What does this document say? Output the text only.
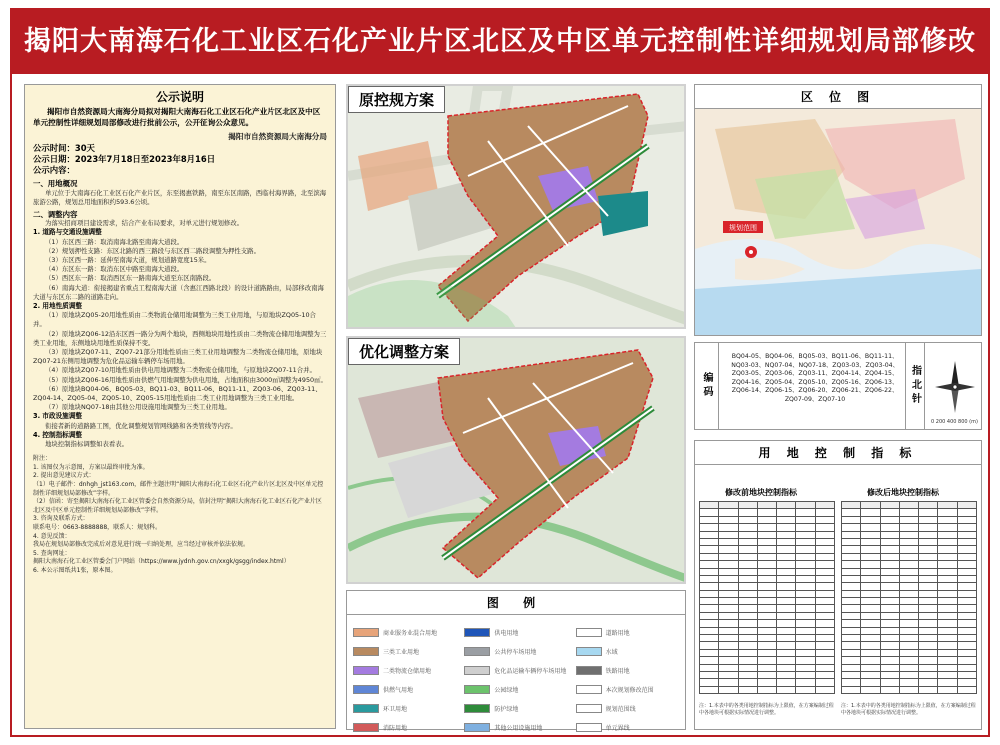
揭阳大南海石化工业区石化产业片区北区及中区单元控制性详细规划局部修改
公示说明
揭阳市自然资源局大南海分局拟对揭阳大南海石化工业区石化产业片区北区及中区单元控制性详细规划局部修改进行批前公示，公开征询公众意见。
揭阳市自然资源局大南海分局
公示时间：30天
公示日期：2023年7月18日至2023年8月16日
公示内容：
一、用地概况
单元位于大南海石化工业区石化产业片区，东至揭惠铁路，南至东区南路，西临村海界路，北至滨海旅游公路，规划总用地面积约593.6公顷。
二、调整内容
为落实招商项目建设需求，结合产业布局要求，对单元进行规划修改。
1. 道路与交通设施调整
（1）东区西三路：取消南海北路至南海大道段。
（2）规划押性支路：东区北路的西三路段与东区西二路段调整为押性支路。
（3）东区西一路：延伸至南海大道，规划道路宽度15米。
（4）东区东一路：取消东区中路至南海大道段。
（5）西区东一路：取消西区东一路南海大道至东区南路段。
（6）南海大道：衔接揭建省重点工程南海大道（含惠江西路北段）的设计道路路由，局部移改南海大道与东区东二路的道路走向。
2. 用地性质调整
（1）原地块ZQ05-20用地性质由二类物流仓储用地调整为三类工业用地，与原地块ZQ05-10合并。
（2）原地块ZQ06-12沿东区西一路分为两个地块，西侧地块用地性质由二类物流仓储用地调整为三类工业用地，东侧地块用地性质保持不变。
（3）原地块ZQ07-11、ZQ07-21部分用地性质由三类工业用地调整为二类物流仓储用地，原地块ZQ07-21东侧用地调整为危化品运输车辆停车场用地。
（4）原地块ZQ07-10用地性质由供电用地调整为二类物流仓储用地，与原地块ZQ07-11合并。
（5）原地块ZQ06-16用地性质由供燃气用地调整为供电用地，占地面积由3000㎡调整为4950㎡。
（6）原地块BQ04-06、BQ05-03、BQ11-03、BQ11-06、BQ11-11、ZQ03-06、ZQ03-11、ZQ04-14、ZQ05-04、ZQ05-10、ZQ05-15用地性质由二类工业用地调整为三类工业用地。
（7）原地块NQ07-18由其他公用设施用地调整为三类工业用地。
3. 市政设施调整
衔接者新的道路路工图，优化调整规划管网线路和各类管线等内容。
4. 控制指标调整
地块控制指标调整如表看表。
附注：
1. 该图仅为示意图，方案以最终审批为准。
2. 提出意见建议方式：
（1）电子邮件：dnhgh_jst163.com，邮件主题注明“揭阳大南海石化工业区石化产业片区北区及中区单元控制性详细规划局部修改”字样。
（2）信函：寄至揭阳大南海石化工业区管委会自然资源分局，信封注明“揭阳大南海石化工业区石化产业片区北区及中区单元控制性详细规划局部修改”字样。
3. 咨询及联系方式：
联系电号：0663-8888888，联系人：规划科。
4. 意见反馈：
我局在规划局部修改完成后对意见进行统一归纳处理，应当经过审核并依法依规。
5. 查询网址：
揭阳大南海石化工业区管委会门户网站（https://www.jydnh.gov.cn/xxgk/gsgg/index.html）
6. 本公示图纸共1张，原本图。
原控规方案
优化调整方案
图 例
商业服务业混合用地	供电用地	道路用地
三类工业用地	公共停车场用地	水域
二类物流仓储用地	危化品运输车辆停车场用地	铁路用地
供燃气用地	公园绿地	本次规划修改范围
环卫用地	防护绿地	规划范围线
消防用地	其他公用设施用地	单元界线
区 位 图
规划范围
编码
BQ04-05、BQ04-06、BQ05-03、BQ11-06、BQ11-11、NQ03-03、NQ07-04、NQ07-18、ZQ03-03、ZQ03-04、ZQ03-05、ZQ03-06、ZQ03-11、ZQ04-14、ZQ04-15、ZQ04-16、ZQ05-04、ZQ05-10、ZQ05-16、ZQ06-13、ZQ06-14、ZQ06-15、ZQ06-20、ZQ06-21、ZQ06-22、ZQ07-09、ZQ07-10	指北针
0 200 400 800 (m)
用 地 控 制 指 标
修改前地块控制指标	修改后地块控制指标

注：1.本表中的各类用地控制指标为上限值，在方案编制过程中各地块可根据实际情况进行调整。
注：1.本表中的各类用地控制指标为上限值，在方案编制过程中各地块可根据实际情况进行调整。
